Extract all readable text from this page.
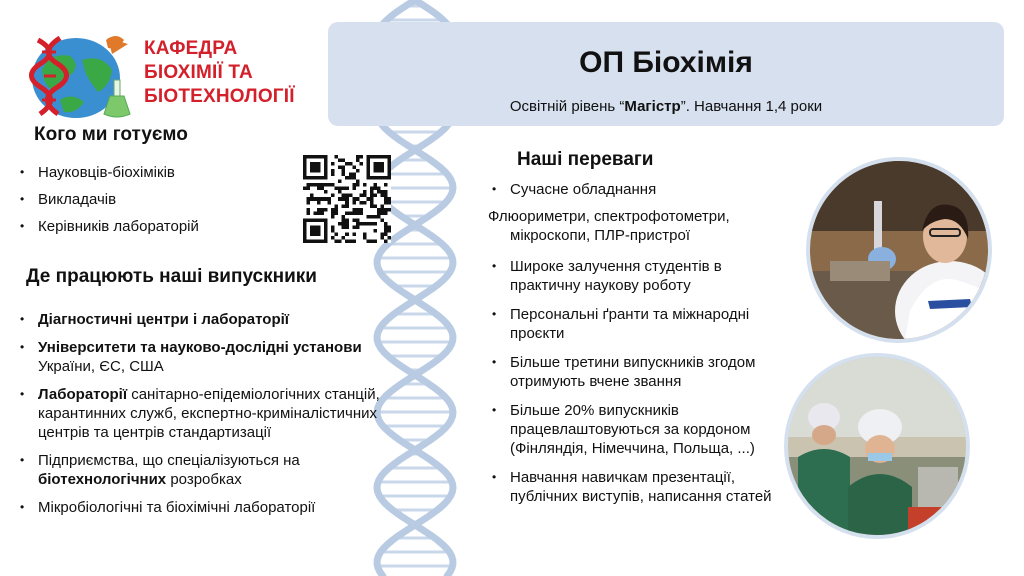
ОП Біохімія
Освітній рівень “Магістр”. Навчання 1,4 роки
КАФЕДРА
БІОХІМІЇ ТА
БІОТЕХНОЛОГІЇ
Кого ми готуємо
• Науковців-біохіміків
• Викладачів
• Керівників лабораторій
Де працюють наші випускники
• Діагностичні центри і лабораторії
• Університети та науково-дослідні установи України, ЄС, США
• Лабораторії санітарно-епідеміологічних станцій, карантинних служб, експертно-криміналістичних центрів та центрів стандартизації
• Підприємства, що спеціалізуються на біотехнологічних розробках
• Мікробіологічні та біохімічні лабораторії
Наші переваги
• Сучасне обладнання
Флюориметри, спектрофотометри,
мікроскопи, ПЛР-пристрої
• Широке залучення студентів в практичну наукову роботу
• Персональні ґранти та міжнародні проєкти
• Більше третини випускників згодом отримують вчене звання
• Більше 20% випускників працевлаштовуються за кордоном (Фінляндія, Німеччина, Польща, ...)
• Навчання навичкам презентації, публічних виступів, написання статей
